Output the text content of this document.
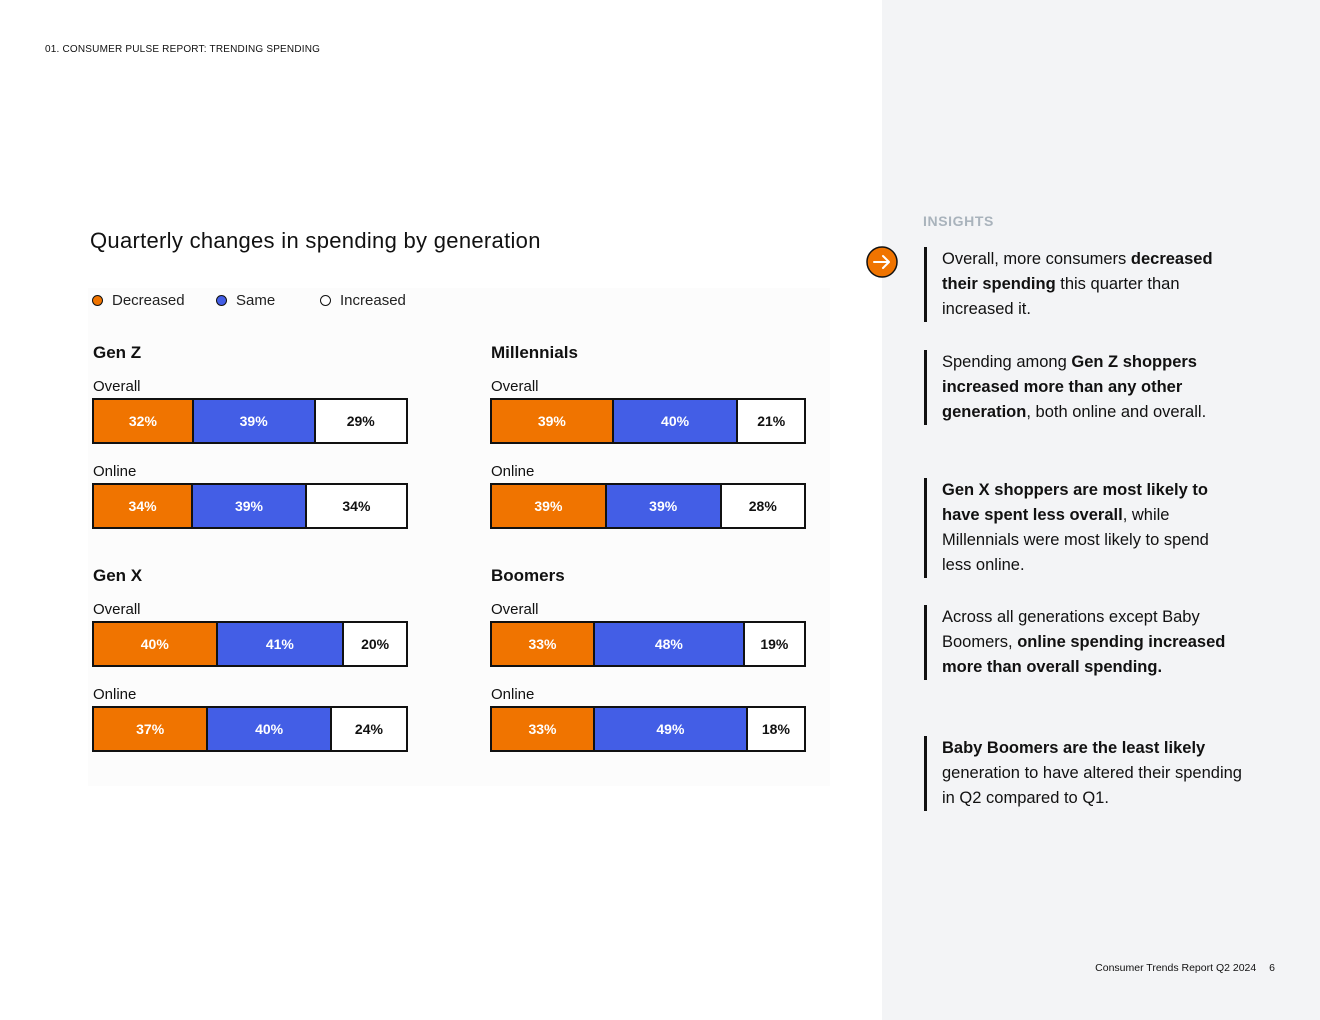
01. CONSUMER PULSE REPORT: TRENDING SPENDING
Quarterly changes in spending by generation
Decreased	Same	Increased
Gen Z
Overall
32%	39%	29%
Online
34%	39%	34%
Millennials
Overall
39%	40%	21%
Online
39%	39%	28%
Gen X
Overall
40%	41%	20%
Online
37%	40%	24%
Boomers
Overall
33%	48%	19%
Online
33%	49%	18%
INSIGHTS
Overall, more consumers decreased their spending this quarter than increased it.
Spending among Gen Z shoppers increased more than any other generation, both online and overall.
Gen X shoppers are most likely to have spent less overall, while Millennials were most likely to spend less online.
Across all generations except Baby Boomers, online spending increased more than overall spending.
Baby Boomers are the least likely generation to have altered their spending in Q2 compared to Q1.
Consumer Trends Report Q2 2024 6
